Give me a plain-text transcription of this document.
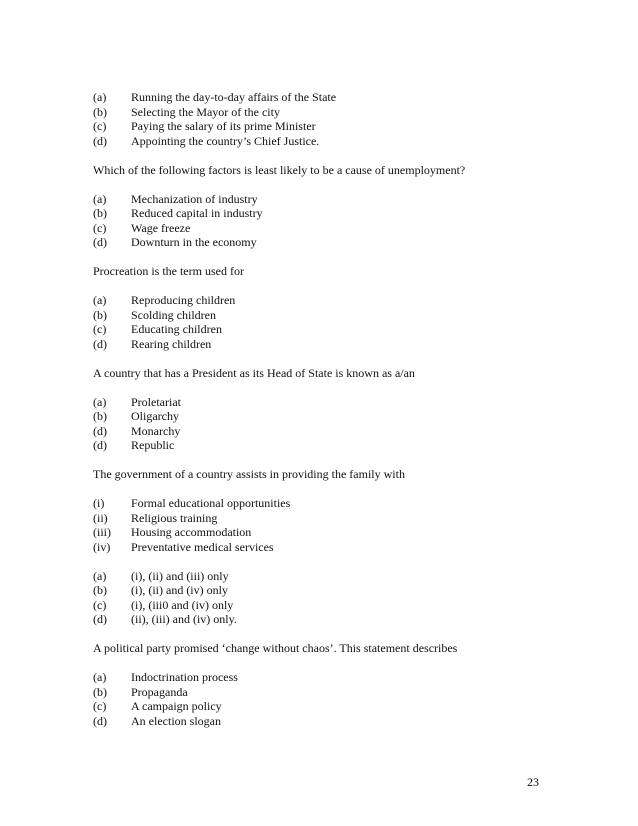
(a)	Running the day-to-day affairs of the State
(b)	Selecting the Mayor of the city
(c)	Paying the salary of its prime Minister
(d)	Appointing the country’s Chief Justice.
Which of the following factors is least likely to be a cause of unemployment?
(a)	Mechanization of industry
(b)	Reduced capital in industry
(c)	Wage freeze
(d)	Downturn in the economy
Procreation is the term used for
(a)	Reproducing children
(b)	Scolding children
(c)	Educating children
(d)	Rearing children
A country that has a President as its Head of State is known as a/an
(a)	Proletariat
(b)	Oligarchy
(d)	Monarchy
(d)	Republic
The government of a country assists in providing the family with
(i)	Formal educational opportunities
(ii)	Religious training
(iii)	Housing accommodation
(iv)	Preventative medical services
(a)	(i), (ii) and (iii) only
(b)	(i), (ii) and (iv) only
(c)	(i), (iii0 and (iv) only
(d)	(ii), (iii) and (iv) only.
A political party promised ‘change without chaos’. This statement describes
(a)	Indoctrination process
(b)	Propaganda
(c)	A campaign policy
(d)	An election slogan
23
